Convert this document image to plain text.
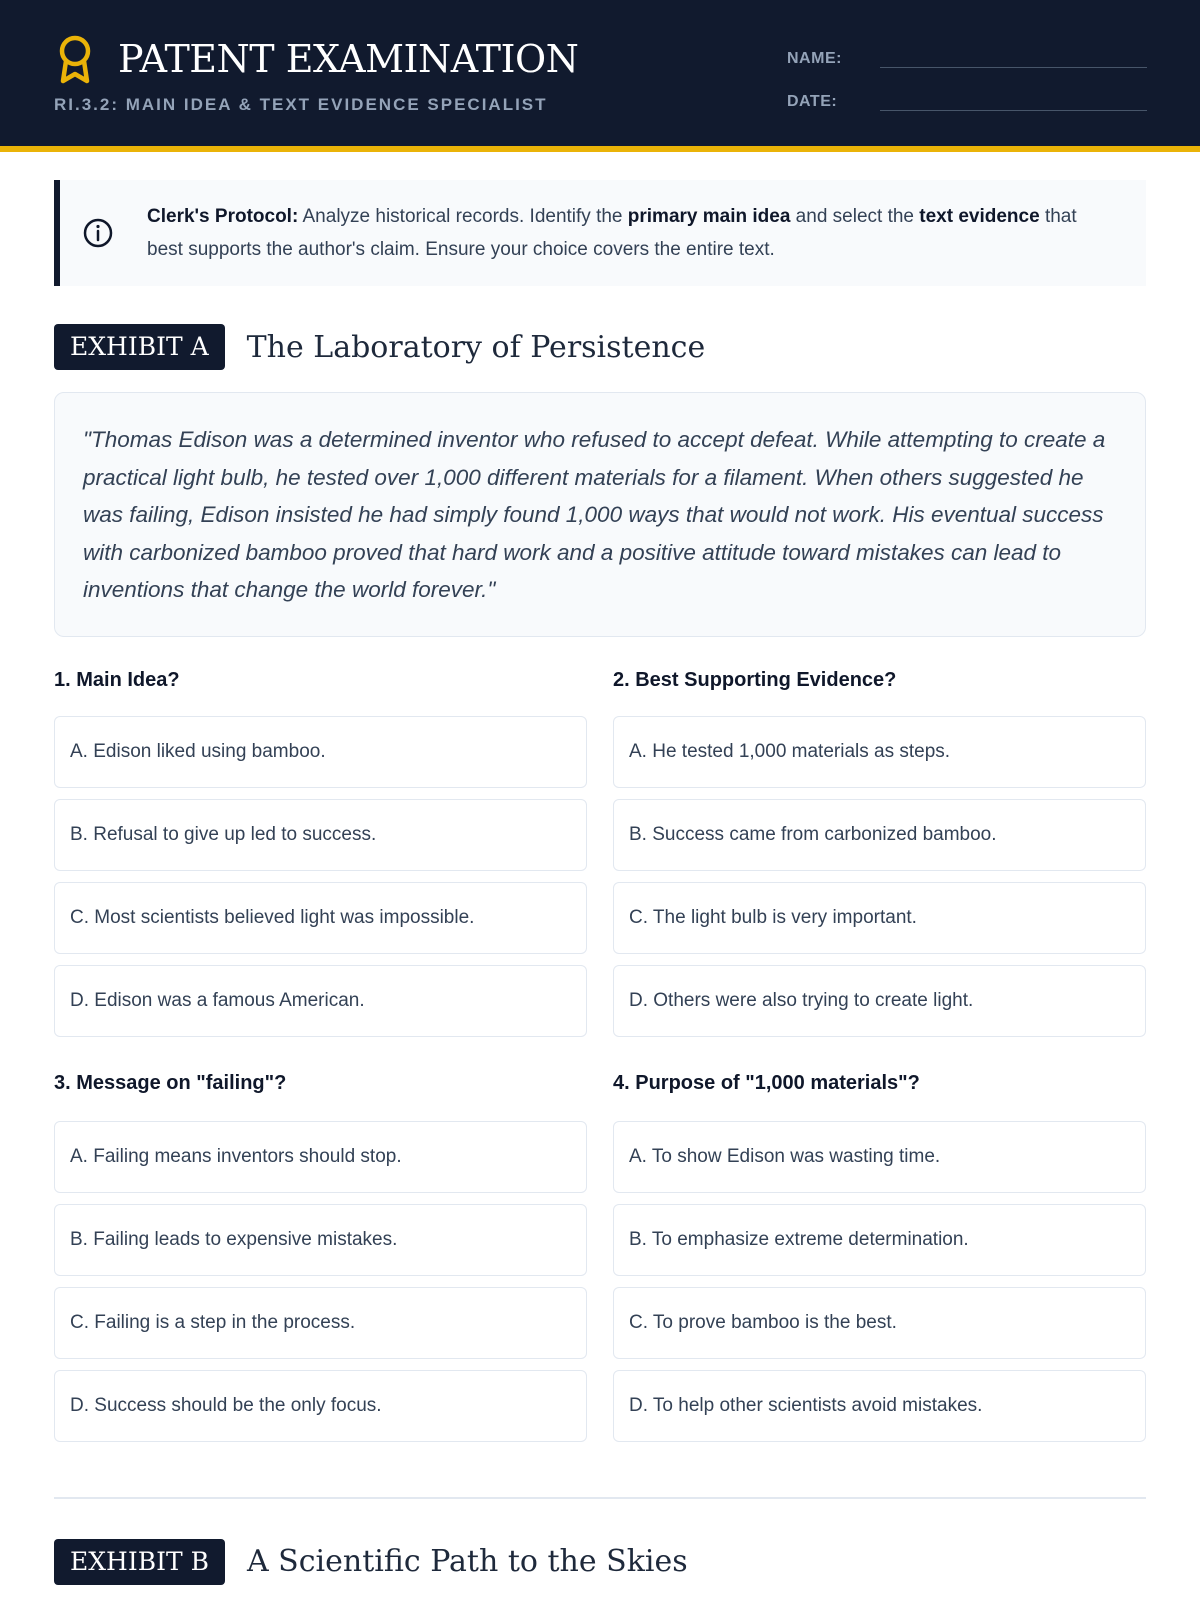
PATENT EXAMINATION
RI.3.2: MAIN IDEA & TEXT EVIDENCE SPECIALIST
NAME:
DATE:

Clerk's Protocol: Analyze historical records. Identify the primary main idea and select the text evidence that best supports the author's claim. Ensure your choice covers the entire text.

EXHIBIT A	The Laboratory of Persistence
"Thomas Edison was a determined inventor who refused to accept defeat. While attempting to create a practical light bulb, he tested over 1,000 different materials for a filament. When others suggested he was failing, Edison insisted he had simply found 1,000 ways that would not work. His eventual success with carbonized bamboo proved that hard work and a positive attitude toward mistakes can lead to inventions that change the world forever."
1. Main Idea?
A. Edison liked using bamboo.
B. Refusal to give up led to success.
C. Most scientists believed light was impossible.
D. Edison was a famous American.
2. Best Supporting Evidence?
A. He tested 1,000 materials as steps.
B. Success came from carbonized bamboo.
C. The light bulb is very important.
D. Others were also trying to create light.
3. Message on "failing"?
A. Failing means inventors should stop.
B. Failing leads to expensive mistakes.
C. Failing is a step in the process.
D. Success should be the only focus.
4. Purpose of "1,000 materials"?
A. To show Edison was wasting time.
B. To emphasize extreme determination.
C. To prove bamboo is the best.
D. To help other scientists avoid mistakes.
EXHIBIT B	A Scientific Path to the Skies
